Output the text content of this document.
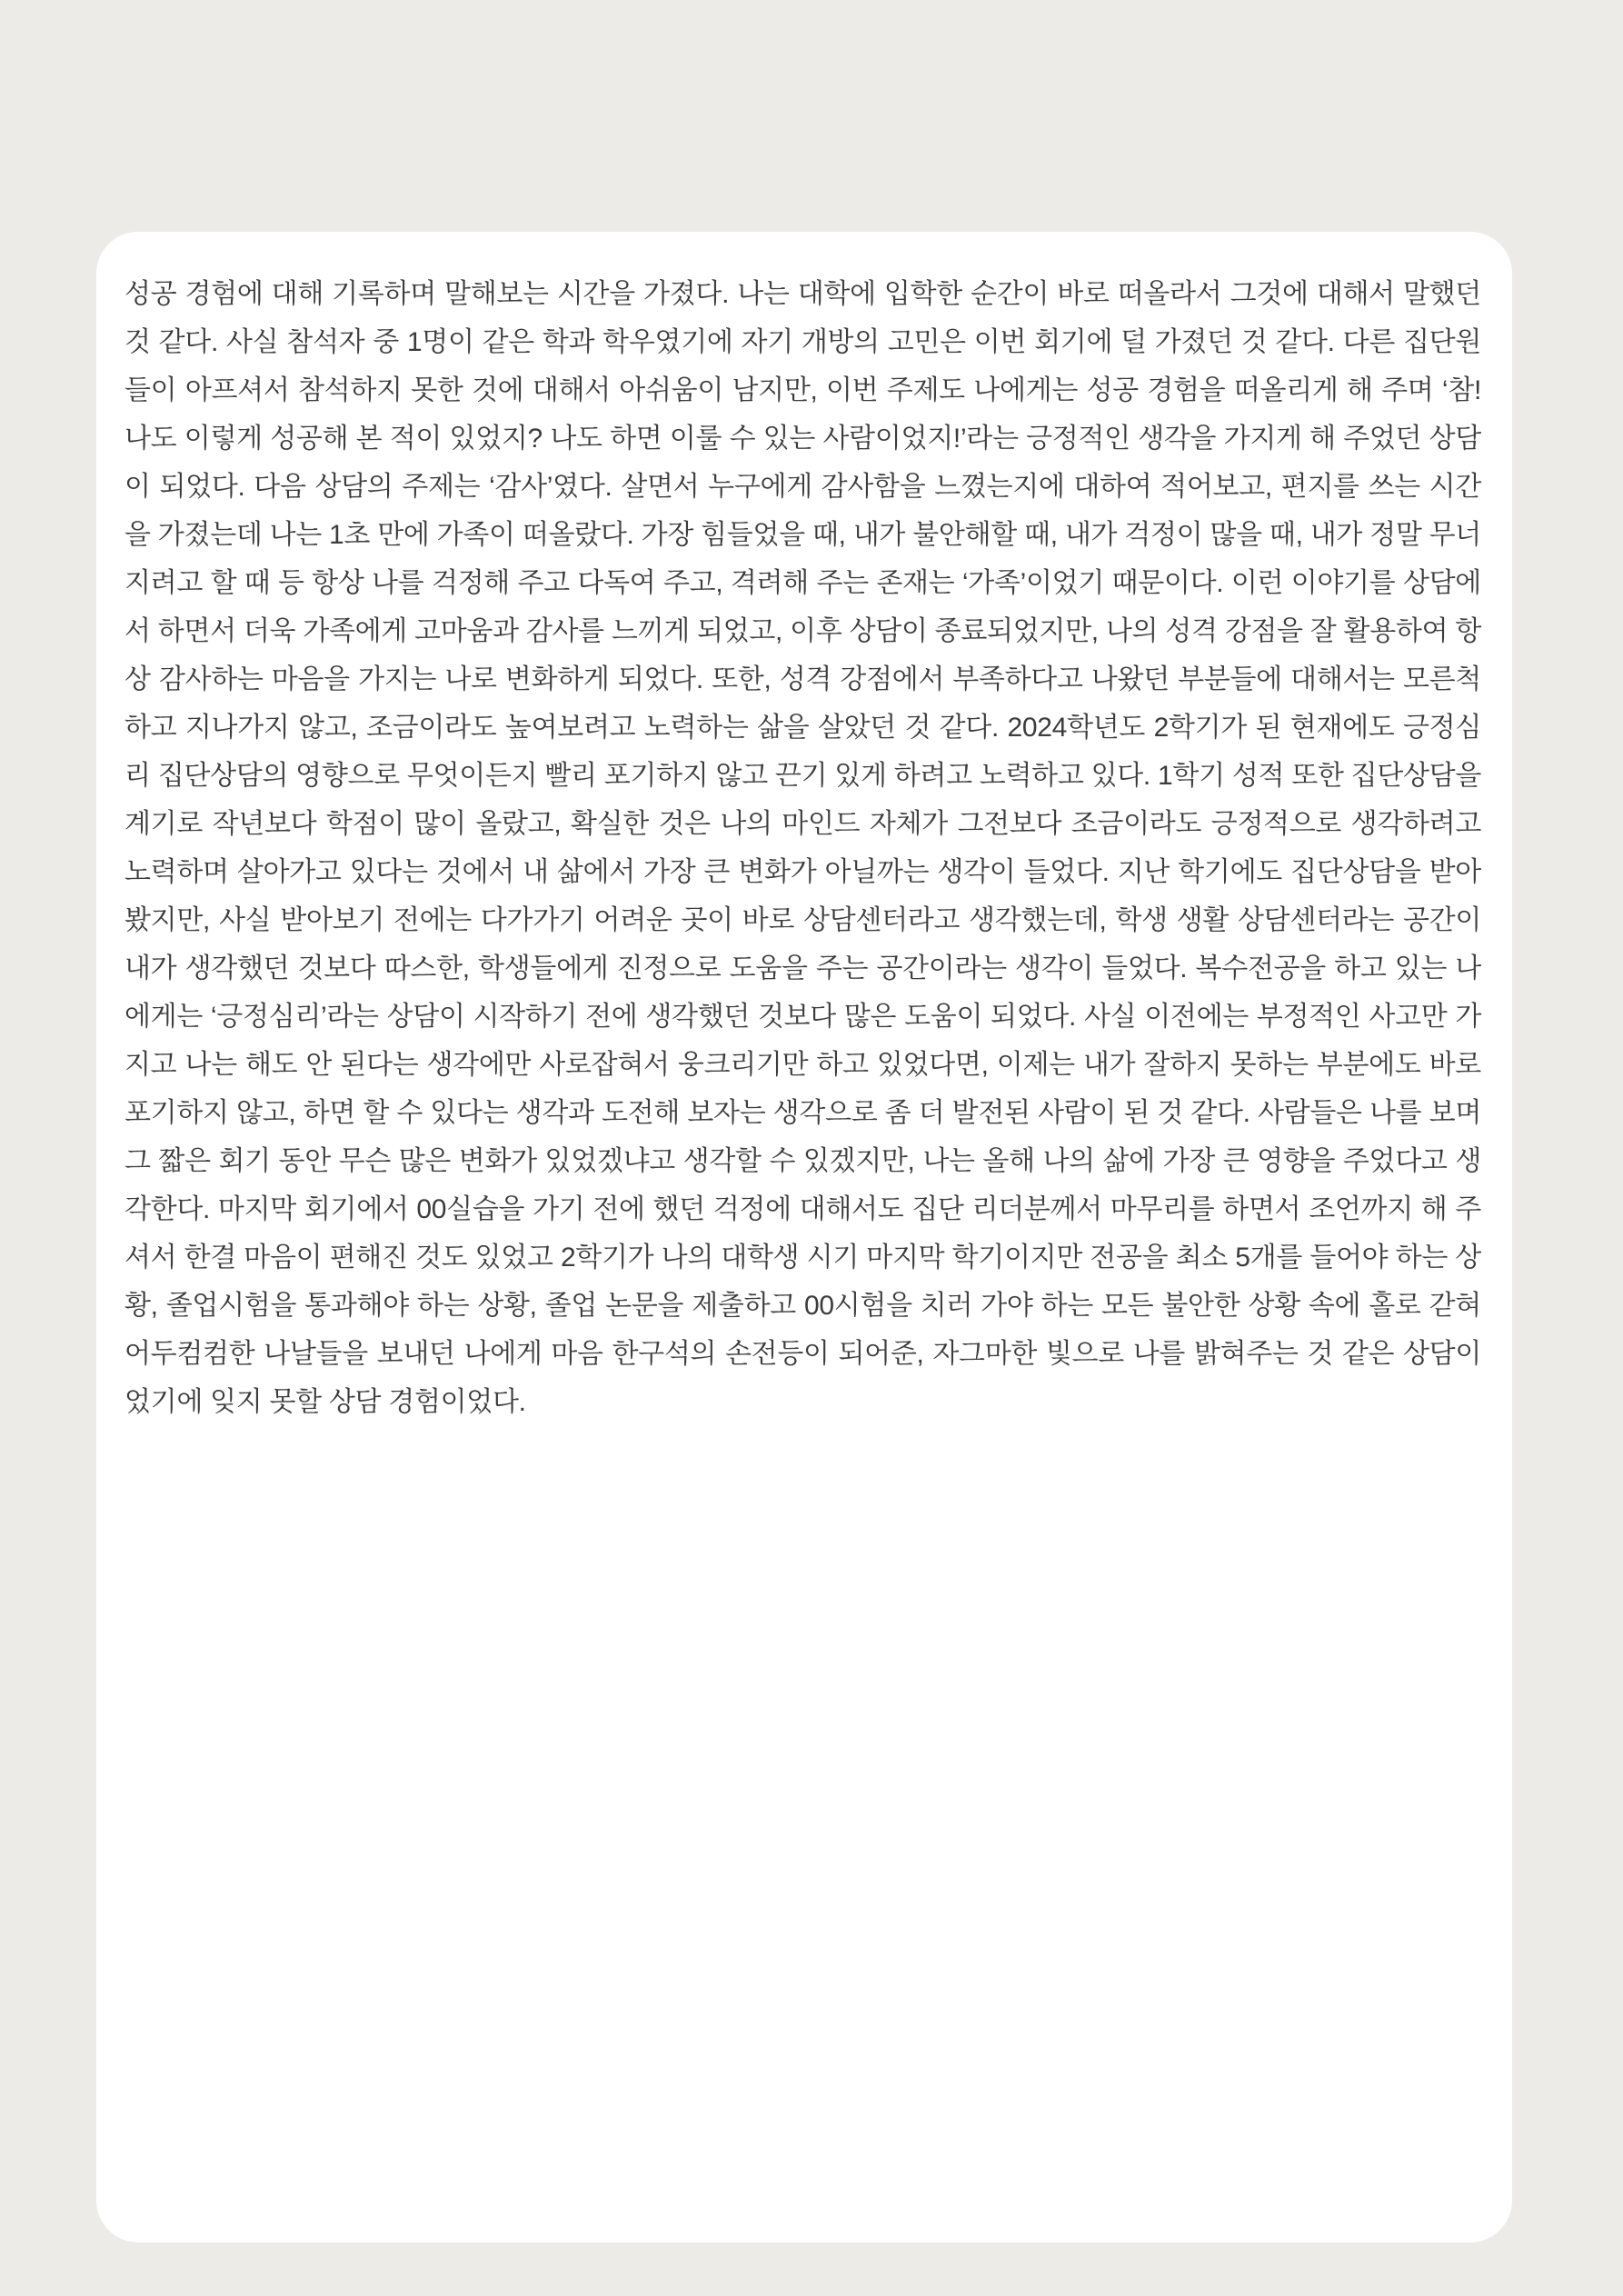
성공 경험에 대해 기록하며 말해보는 시간을 가졌다. 나는 대학에 입학한 순간이 바로 떠올라서 그것에 대해서 말했던 것 같다. 사실 참석자 중 1명이 같은 학과 학우였기에 자기 개방의 고민은 이번 회기에 덜 가졌던 것 같다. 다른 집단원들이 아프셔서 참석하지 못한 것에 대해서 아쉬움이 남지만, 이번 주제도 나에게는 성공 경험을 떠올리게 해 주며 ‘참! 나도 이렇게 성공해 본 적이 있었지? 나도 하면 이룰 수 있는 사람이었지!’라는 긍정적인 생각을 가지게 해 주었던 상담이 되었다. 다음 상담의 주제는 ‘감사’였다. 살면서 누구에게 감사함을 느꼈는지에 대하여 적어보고, 편지를 쓰는 시간을 가졌는데 나는 1초 만에 가족이 떠올랐다. 가장 힘들었을 때, 내가 불안해할 때, 내가 걱정이 많을 때, 내가 정말 무너지려고 할 때 등 항상 나를 걱정해 주고 다독여 주고, 격려해 주는 존재는 ‘가족’이었기 때문이다. 이런 이야기를 상담에서 하면서 더욱 가족에게 고마움과 감사를 느끼게 되었고, 이후 상담이 종료되었지만, 나의 성격 강점을 잘 활용하여 항상 감사하는 마음을 가지는 나로 변화하게 되었다. 또한, 성격 강점에서 부족하다고 나왔던 부분들에 대해서는 모른척하고 지나가지 않고, 조금이라도 높여보려고 노력하는 삶을 살았던 것 같다. 2024학년도 2학기가 된 현재에도 긍정심리 집단상담의 영향으로 무엇이든지 빨리 포기하지 않고 끈기 있게 하려고 노력하고 있다. 1학기 성적 또한 집단상담을 계기로 작년보다 학점이 많이 올랐고, 확실한 것은 나의 마인드 자체가 그전보다 조금이라도 긍정적으로 생각하려고 노력하며 살아가고 있다는 것에서 내 삶에서 가장 큰 변화가 아닐까는 생각이 들었다. 지난 학기에도 집단상담을 받아봤지만, 사실 받아보기 전에는 다가가기 어려운 곳이 바로 상담센터라고 생각했는데, 학생 생활 상담센터라는 공간이 내가 생각했던 것보다 따스한, 학생들에게 진정으로 도움을 주는 공간이라는 생각이 들었다. 복수전공을 하고 있는 나에게는 ‘긍정심리’라는 상담이 시작하기 전에 생각했던 것보다 많은 도움이 되었다. 사실 이전에는 부정적인 사고만 가지고 나는 해도 안 된다는 생각에만 사로잡혀서 웅크리기만 하고 있었다면, 이제는 내가 잘하지 못하는 부분에도 바로 포기하지 않고, 하면 할 수 있다는 생각과 도전해 보자는 생각으로 좀 더 발전된 사람이 된 것 같다. 사람들은 나를 보며 그 짧은 회기 동안 무슨 많은 변화가 있었겠냐고 생각할 수 있겠지만, 나는 올해 나의 삶에 가장 큰 영향을 주었다고 생각한다. 마지막 회기에서 00실습을 가기 전에 했던 걱정에 대해서도 집단 리더분께서 마무리를 하면서 조언까지 해 주셔서 한결 마음이 편해진 것도 있었고 2학기가 나의 대학생 시기 마지막 학기이지만 전공을 최소 5개를 들어야 하는 상황, 졸업시험을 통과해야 하는 상황, 졸업 논문을 제출하고 00시험을 치러 가야 하는 모든 불안한 상황 속에 홀로 갇혀 어두컴컴한 나날들을 보내던 나에게 마음 한구석의 손전등이 되어준, 자그마한 빛으로 나를 밝혀주는 것 같은 상담이었기에 잊지 못할 상담 경험이었다.
